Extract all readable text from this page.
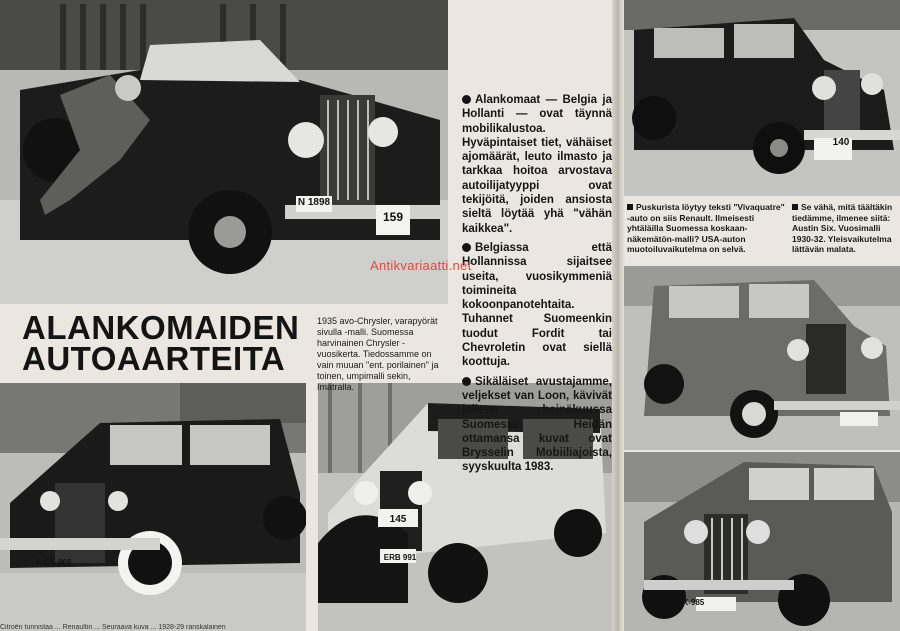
N 1898
159
140
Puskurista löytyy teksti "Vivaquatre" -auto on siis Renault. Ilmeisesti yhtäläilla Suomessa koskaan-näkemätön-malli? USA-auton muotoiluvaikutelma on selvä.
Se vähä, mitä täältäkin tiedämme, ilmenee siitä: Austin Six. Vuosimalli 1930-32. Yleisvaikutelma lättävän malata.
IJK-985
F-CE-969
145
ERB 991
ALANKOMAIDEN
AUTOAARTEITA
1935 avo-Chrysler, varapyörät sivulla -malli. Suomessa harvinainen Chrysler -vuosikerta. Tiedossamme on vain muuan "ent. porilainen" ja toinen, umpimalli sekin, Imatralla.

Alankomaat — Belgia ja Hollanti — ovat täynnä mobilikalustoa. Hyväpintaiset tiet, vähäiset ajomäärät, leuto ilmasto ja tarkkaa hoitoa arvostava autoilijatyyppi ovat tekijöitä, joiden ansiosta sieltä löytää yhä "vähän kaikkea".

Belgiassa että Hollannissa sijaitsee useita, vuosikymmeniä toimineita kokoonpanotehtaita. Tuhannet Suomeenkin tuodut Fordit tai Chevroletin ovat siellä koottuja.

Sikäläiset avustajamme, veljekset van Loon, kävivät jälleen heinäkuussa Suomessa. Heidän ottamansa kuvat ovat Brysselin Mobiiliajoista, syyskuulta 1983.

Antikvariaatti.net
Citroën tunnistaa ... Renaultin ... Seuraava kuva ... 1928-29 ranskalainen
